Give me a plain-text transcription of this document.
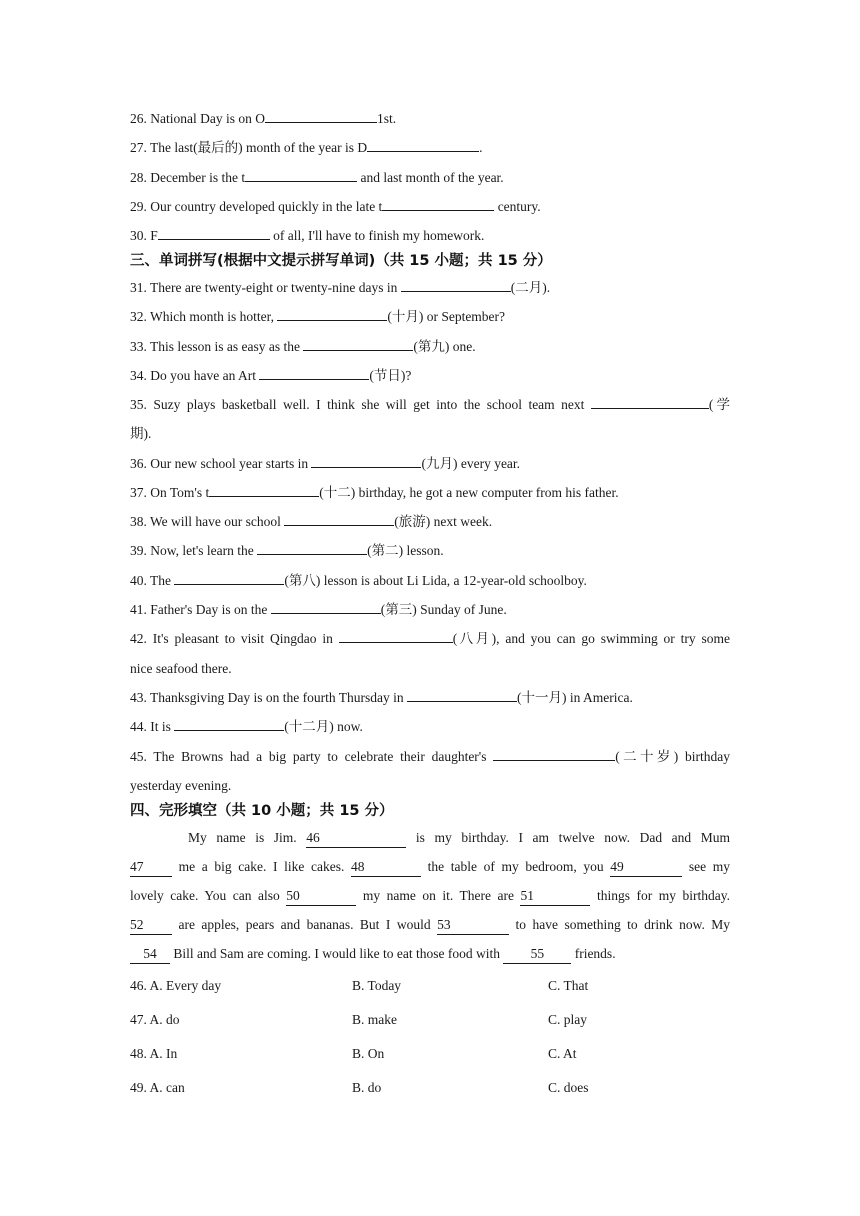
26. National Day is on O	1st.
27. The last(最后的) month of the year is D	.
28. December is the t	and last month of the year.
29. Our country developed quickly in the late t	century.
30. F	of all, I'll have to finish my homework.
三、单词拼写(根据中文提示拼写单词)（共 15 小题；共 15 分）
31. There are twenty-eight or twenty-nine days in	(二月).
32. Which month is hotter,	(十月) or September?
33. This lesson is as easy as the	(第九) one.
34. Do you have an Art	(节日)?
35. Suzy plays basketball well. I think she will get into the school team next	(学
期).
36. Our new school year starts in	(九月) every year.
37. On Tom's t	(十二) birthday, he got a new computer from his father.
38. We will have our school	(旅游) next week.
39. Now, let's learn the	(第二) lesson.
40. The	(第八) lesson is about Li Lida, a 12-year-old schoolboy.
41. Father's Day is on the	(第三) Sunday of June.
42. It's pleasant to visit Qingdao in	(八月), and you can go swimming or try some
nice seafood there.
43. Thanksgiving Day is on the fourth Thursday in	(十一月) in America.
44. It is	(十二月) now.
45. The Browns had a big party to celebrate their daughter's	(二十岁) birthday
yesterday evening.
四、完形填空（共 10 小题；共 15 分）
My name is Jim. 46	is my birthday. I am twelve now. Dad and Mum
47	me a big cake. I like cakes. 48	the table of my bedroom, you 49	see my
lovely cake. You can also 50	my name on it. There are 51	things for my birthday.
52	are apples, pears and bananas. But I would 53	to have something to drink now. My
54 Bill and Sam are coming. I would like to eat those food with 55 friends.
46. A. Every day	B. Today	C. That
47. A. do	B. make	C. play
48. A. In	B. On	C. At
49. A. can	B. do	C. does
